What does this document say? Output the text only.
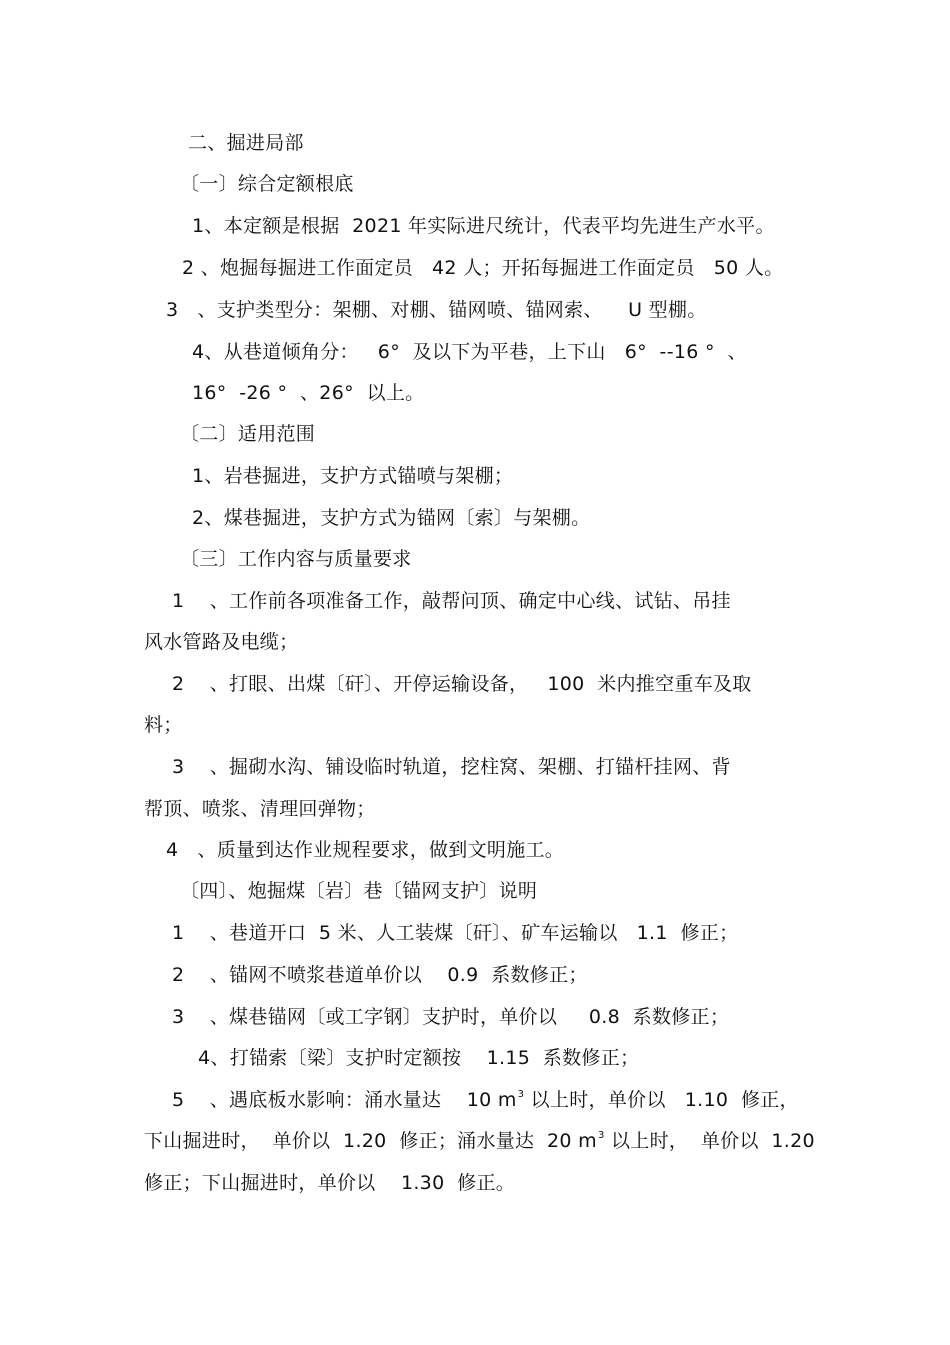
二、掘进局部
〔一〕综合定额根底
1、本定额是根据  2021 年实际进尺统计，代表平均先进生产水平。
2 、炮掘每掘进工作面定员   42 人；开拓每掘进工作面定员   50 人。
3   、支护类型分：架棚、对棚、锚网喷、锚网索、    U 型棚。
4、从巷道倾角分：   6°  及以下为平巷，上下山   6°  --16 °  、
16°  -26 °  、26°  以上。
〔二〕适用范围
1、岩巷掘进，支护方式锚喷与架棚；
2、煤巷掘进，支护方式为锚网〔索〕与架棚。
〔三〕工作内容与质量要求
1    、工作前各项准备工作，敲帮问顶、确定中心线、试钻、吊挂
风水管路及电缆；
2    、打眼、出煤〔矸〕、开停运输设备，   100  米内推空重车及取
料；
3    、掘砌水沟、铺设临时轨道，挖柱窝、架棚、打锚杆挂网、背
帮顶、喷浆、清理回弹物；
4   、质量到达作业规程要求，做到文明施工。
〔四〕、炮掘煤〔岩〕巷〔锚网支护〕说明
1    、巷道开口  5 米、人工装煤〔矸〕、矿车运输以   1.1  修正；
2    、锚网不喷浆巷道单价以    0.9  系数修正；
3    、煤巷锚网〔或工字钢〕支护时，单价以     0.8  系数修正；
4、打锚索〔梁〕支护时定额按    1.15  系数修正；
5    、遇底板水影响：涌水量达    10 $m^3$ 以上时，单价以   1.10  修正，
下山掘进时，  单价以  1.20  修正；涌水量达  20 $m^3$ 以上时，  单价以  1.20
修正；下山掘进时，单价以    1.30  修正。
